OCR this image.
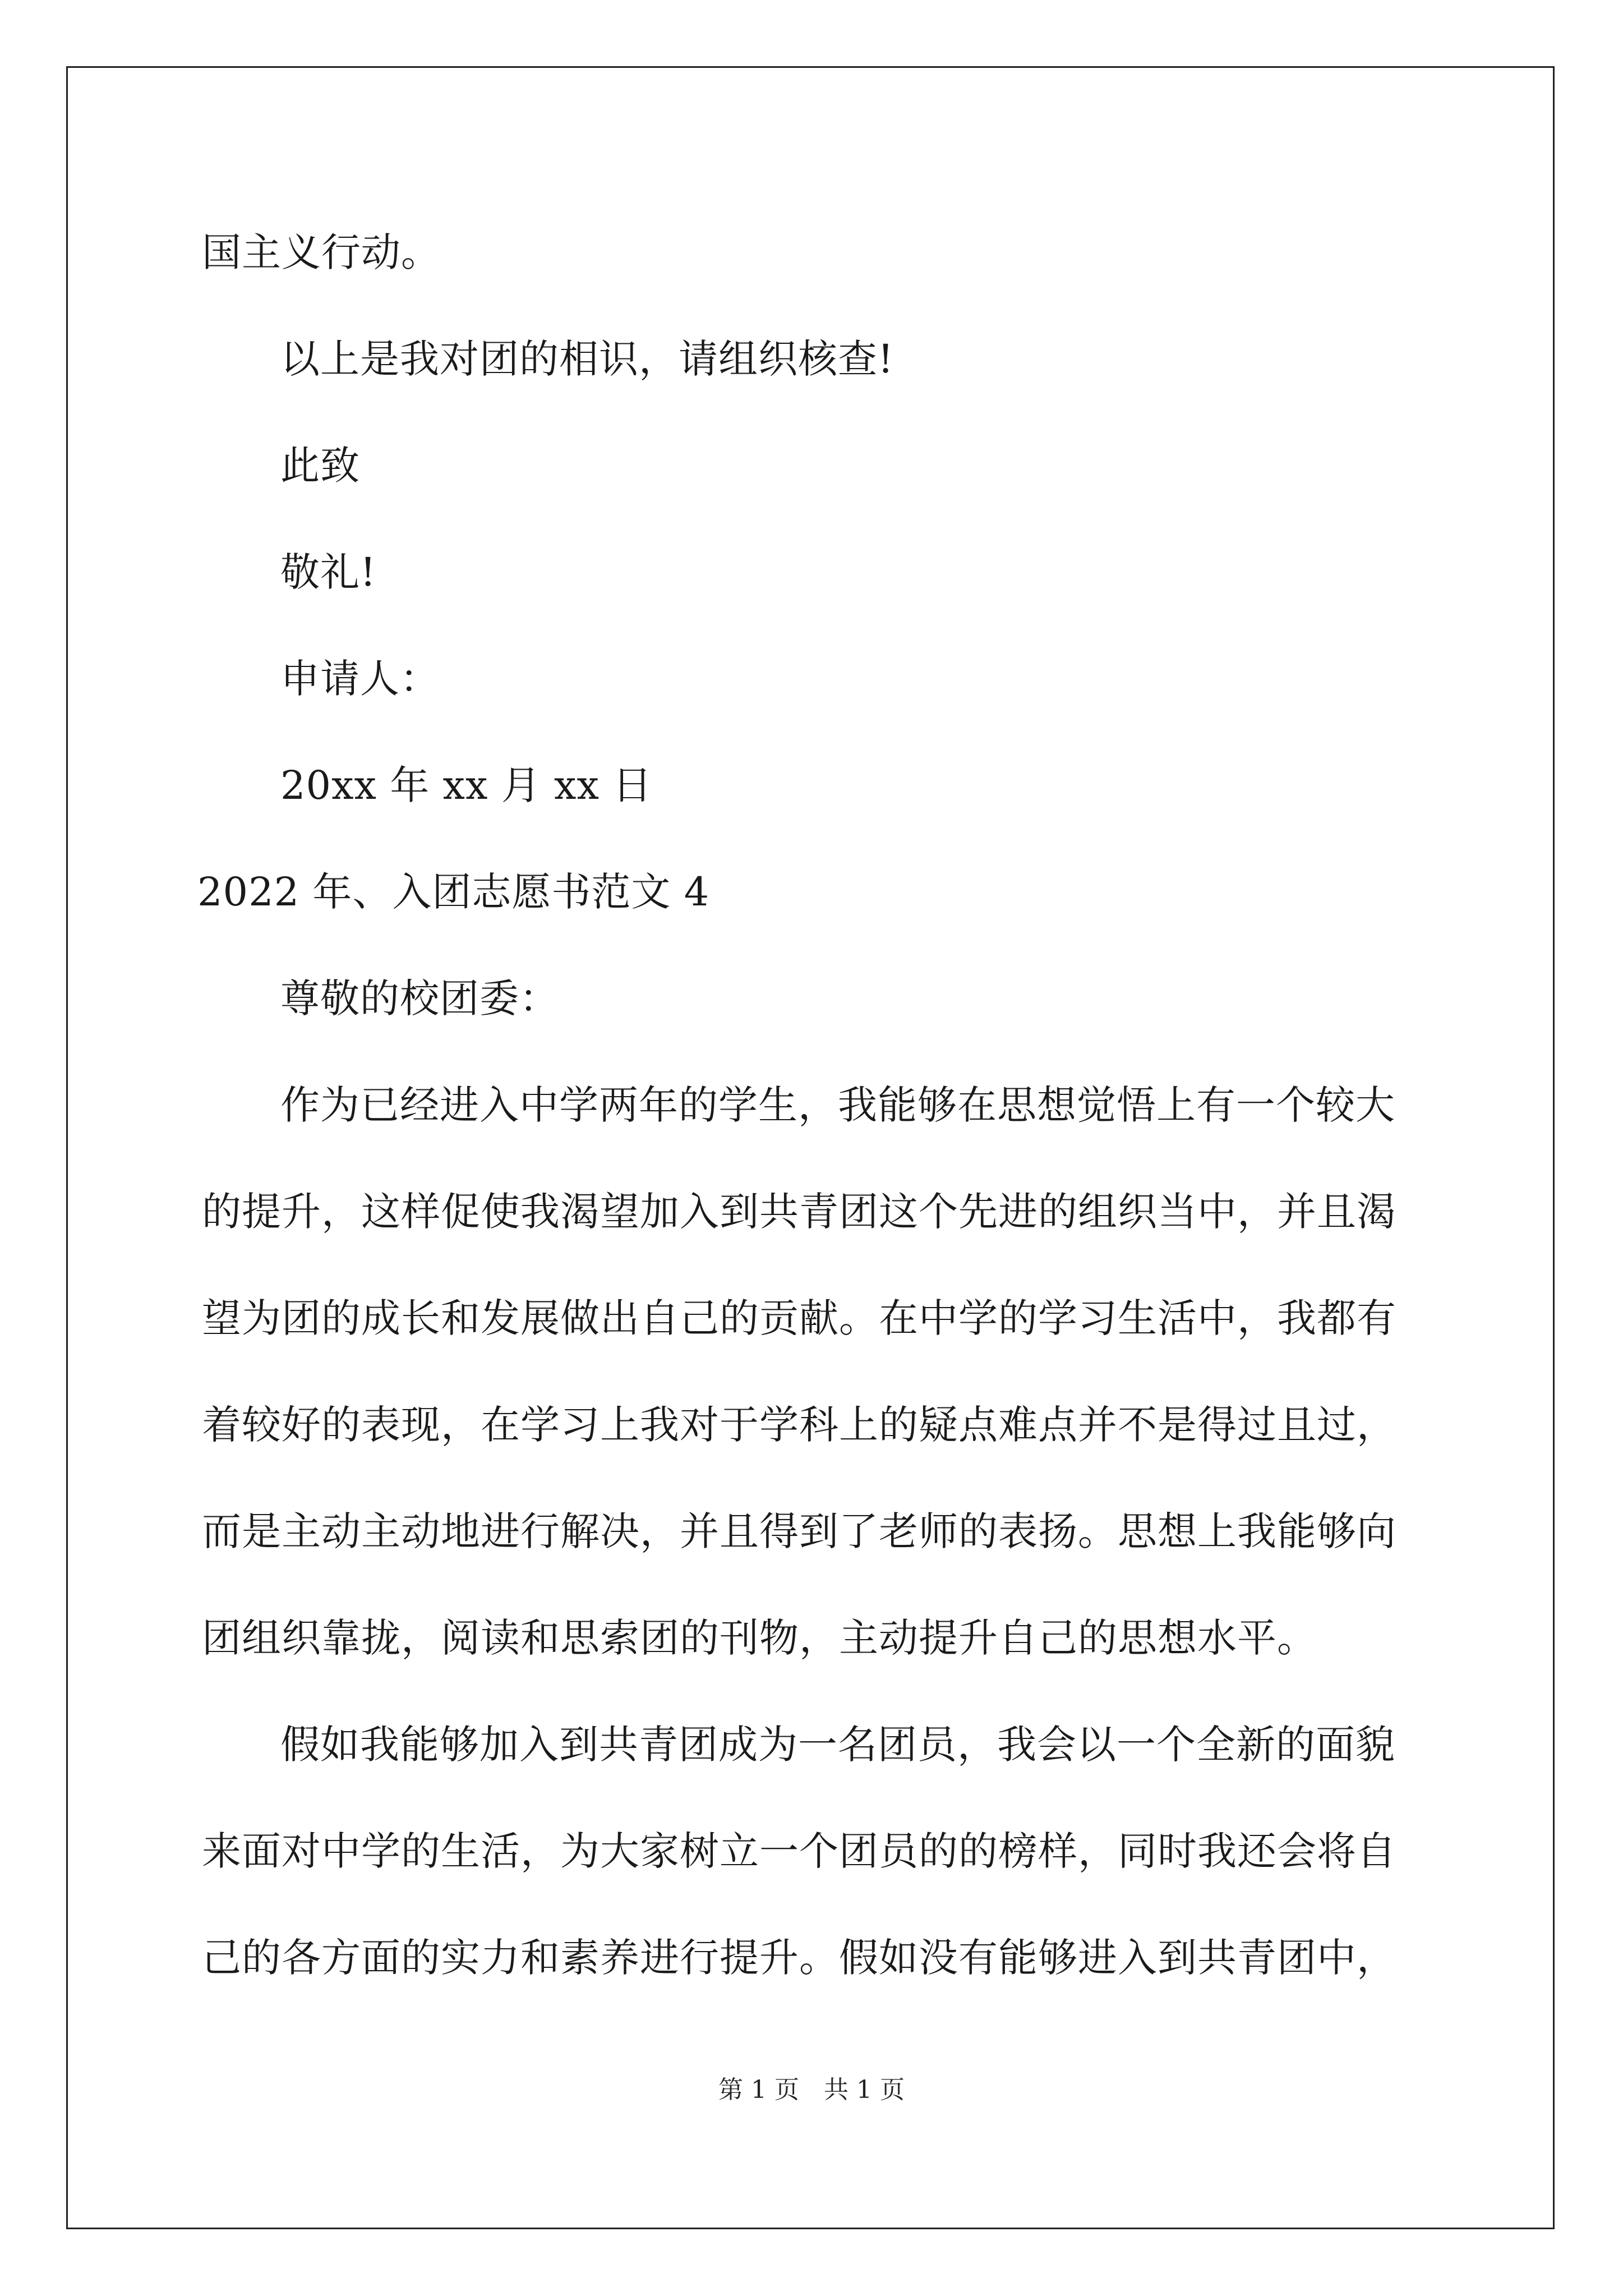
国主义行动。
以上是我对团的相识，请组织核查!
此致
敬礼!
申请人：
20xx 年 xx 月 xx 日
2022 年、入团志愿书范文 4
尊敬的校团委：
作为已经进入中学两年的学生，我能够在思想觉悟上有一个较大
的提升，这样促使我渴望加入到共青团这个先进的组织当中，并且渴
望为团的成长和发展做出自己的贡献。在中学的学习生活中，我都有
着较好的表现，在学习上我对于学科上的疑点难点并不是得过且过，
而是主动主动地进行解决，并且得到了老师的表扬。思想上我能够向
团组织靠拢，阅读和思索团的刊物，主动提升自己的思想水平。
假如我能够加入到共青团成为一名团员，我会以一个全新的面貌
来面对中学的生活，为大家树立一个团员的的榜样，同时我还会将自
己的各方面的实力和素养进行提升。假如没有能够进入到共青团中，
第 1 页　共 1 页
